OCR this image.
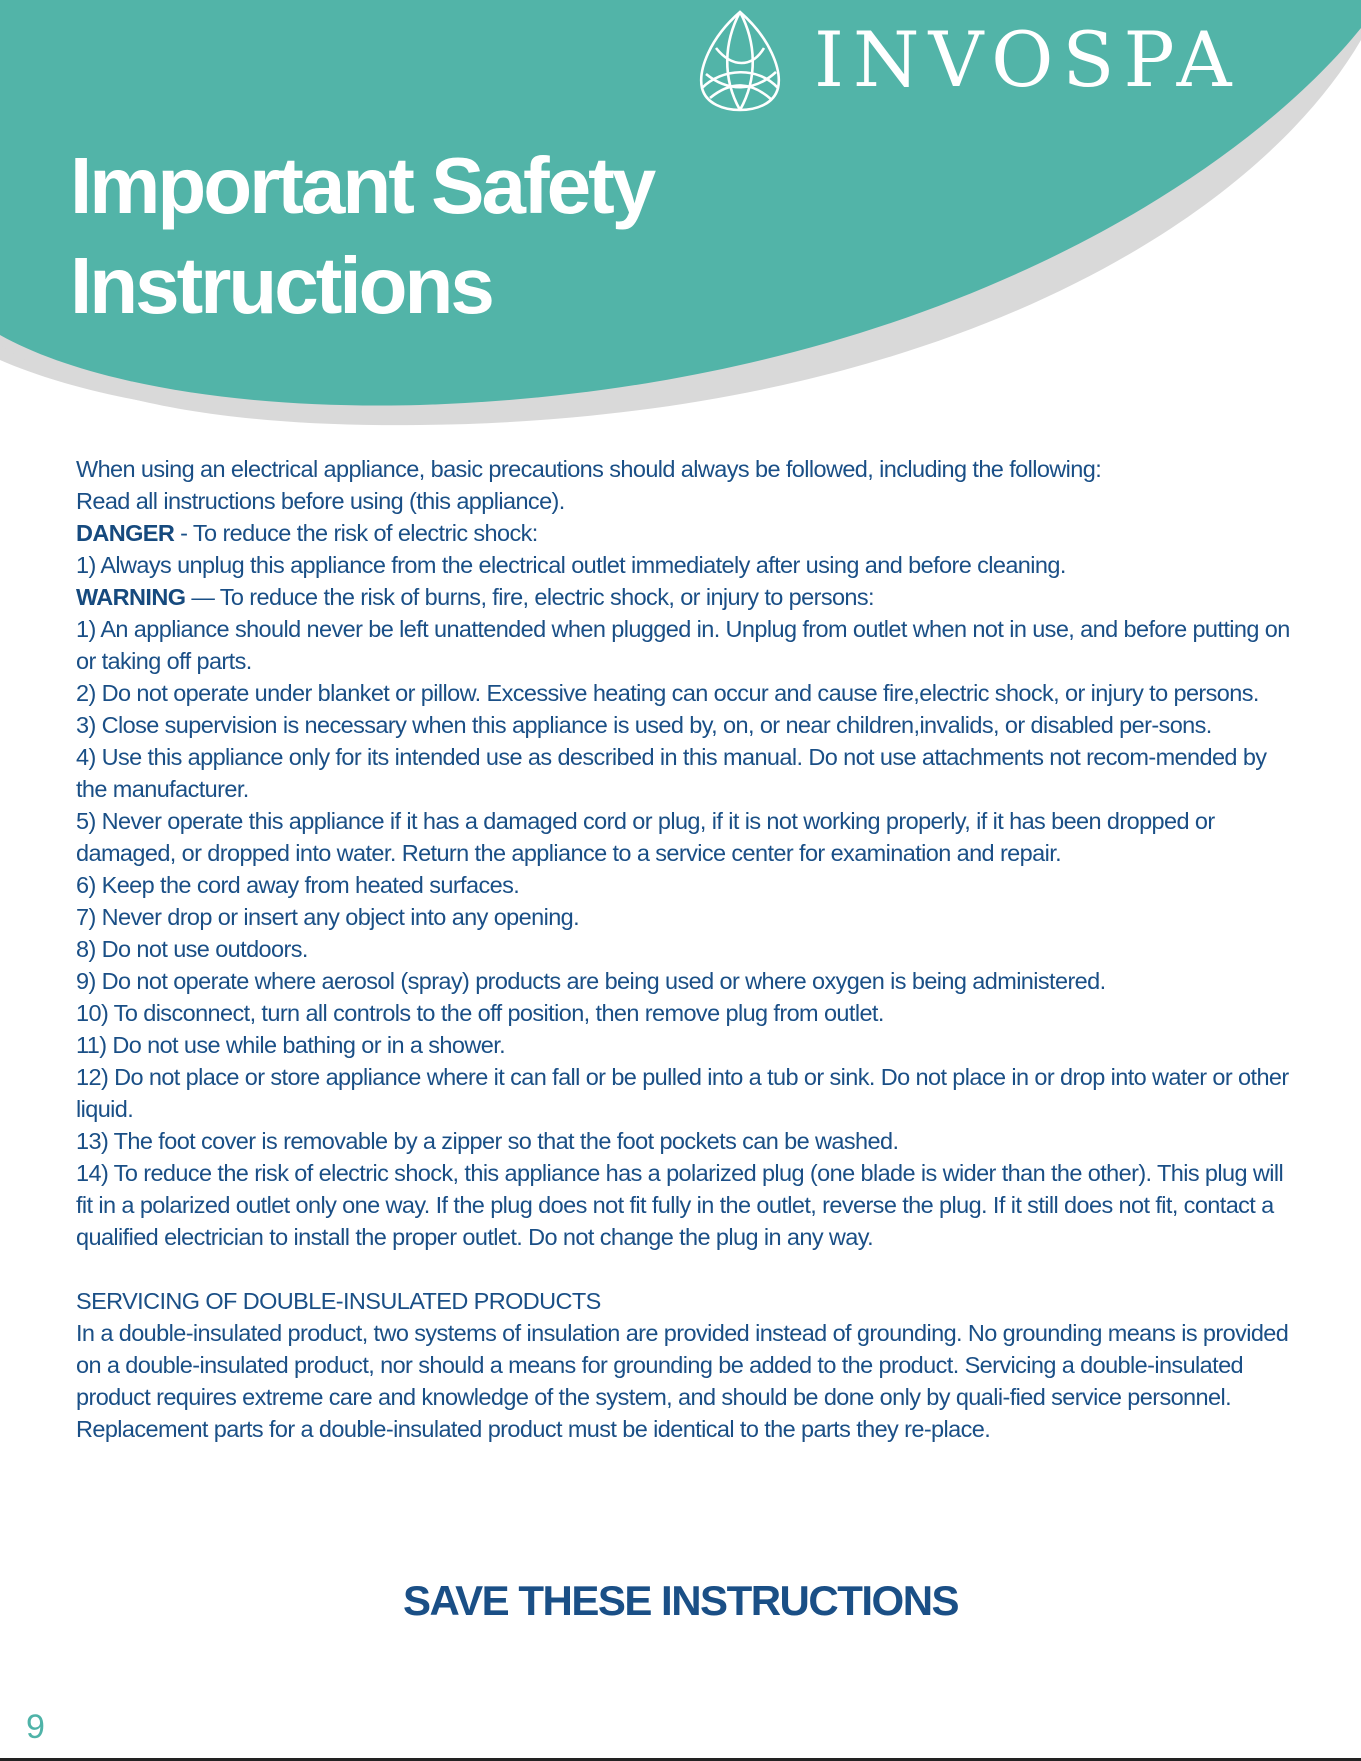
INVOSPA
Important Safety
Instructions

When using an electrical appliance, basic precautions should always be followed, including the following:

Read all instructions before using (this appliance).

DANGER - To reduce the risk of electric shock:

1) Always unplug this appliance from the electrical outlet immediately after using and before cleaning.

WARNING — To reduce the risk of burns, fire, electric shock, or injury to persons:

1) An appliance should never be left unattended when plugged in. Unplug from outlet when not in use, and before putting on or taking off parts.

2) Do not operate under blanket or pillow. Excessive heating can occur and cause fire,electric shock, or injury to persons.

3) Close supervision is necessary when this appliance is used by, on, or near children,invalids, or disabled per-sons.

4) Use this appliance only for its intended use as described in this manual. Do not use attachments not recom-mended by the manufacturer.

5) Never operate this appliance if it has a damaged cord or plug, if it is not working properly, if it has been dropped or damaged, or dropped into water. Return the appliance to a service center for examination and repair.

6) Keep the cord away from heated surfaces.

7) Never drop or insert any object into any opening.

8) Do not use outdoors.

9) Do not operate where aerosol (spray) products are being used or where oxygen is being administered.

10) To disconnect, turn all controls to the off position, then remove plug from outlet.

11) Do not use while bathing or in a shower.

12) Do not place or store appliance where it can fall or be pulled into a tub or sink. Do not place in or drop into water or other liquid.

13) The foot cover is removable by a zipper so that the foot pockets can be washed.

14) To reduce the risk of electric shock, this appliance has a polarized plug (one blade is wider than the other). This plug will fit in a polarized outlet only one way. If the plug does not fit fully in the outlet, reverse the plug. If it still does not fit, contact a qualified electrician to install the proper outlet. Do not change the plug in any way.

SERVICING OF DOUBLE-INSULATED PRODUCTS

In a double-insulated product, two systems of insulation are provided instead of grounding. No grounding means is provided on a double-insulated product, nor should a means for grounding be added to the product. Servicing a double-insulated product requires extreme care and knowledge of the system, and should be done only by quali-fied service personnel. Replacement parts for a double-insulated product must be identical to the parts they re-place.

SAVE THESE INSTRUCTIONS
9
